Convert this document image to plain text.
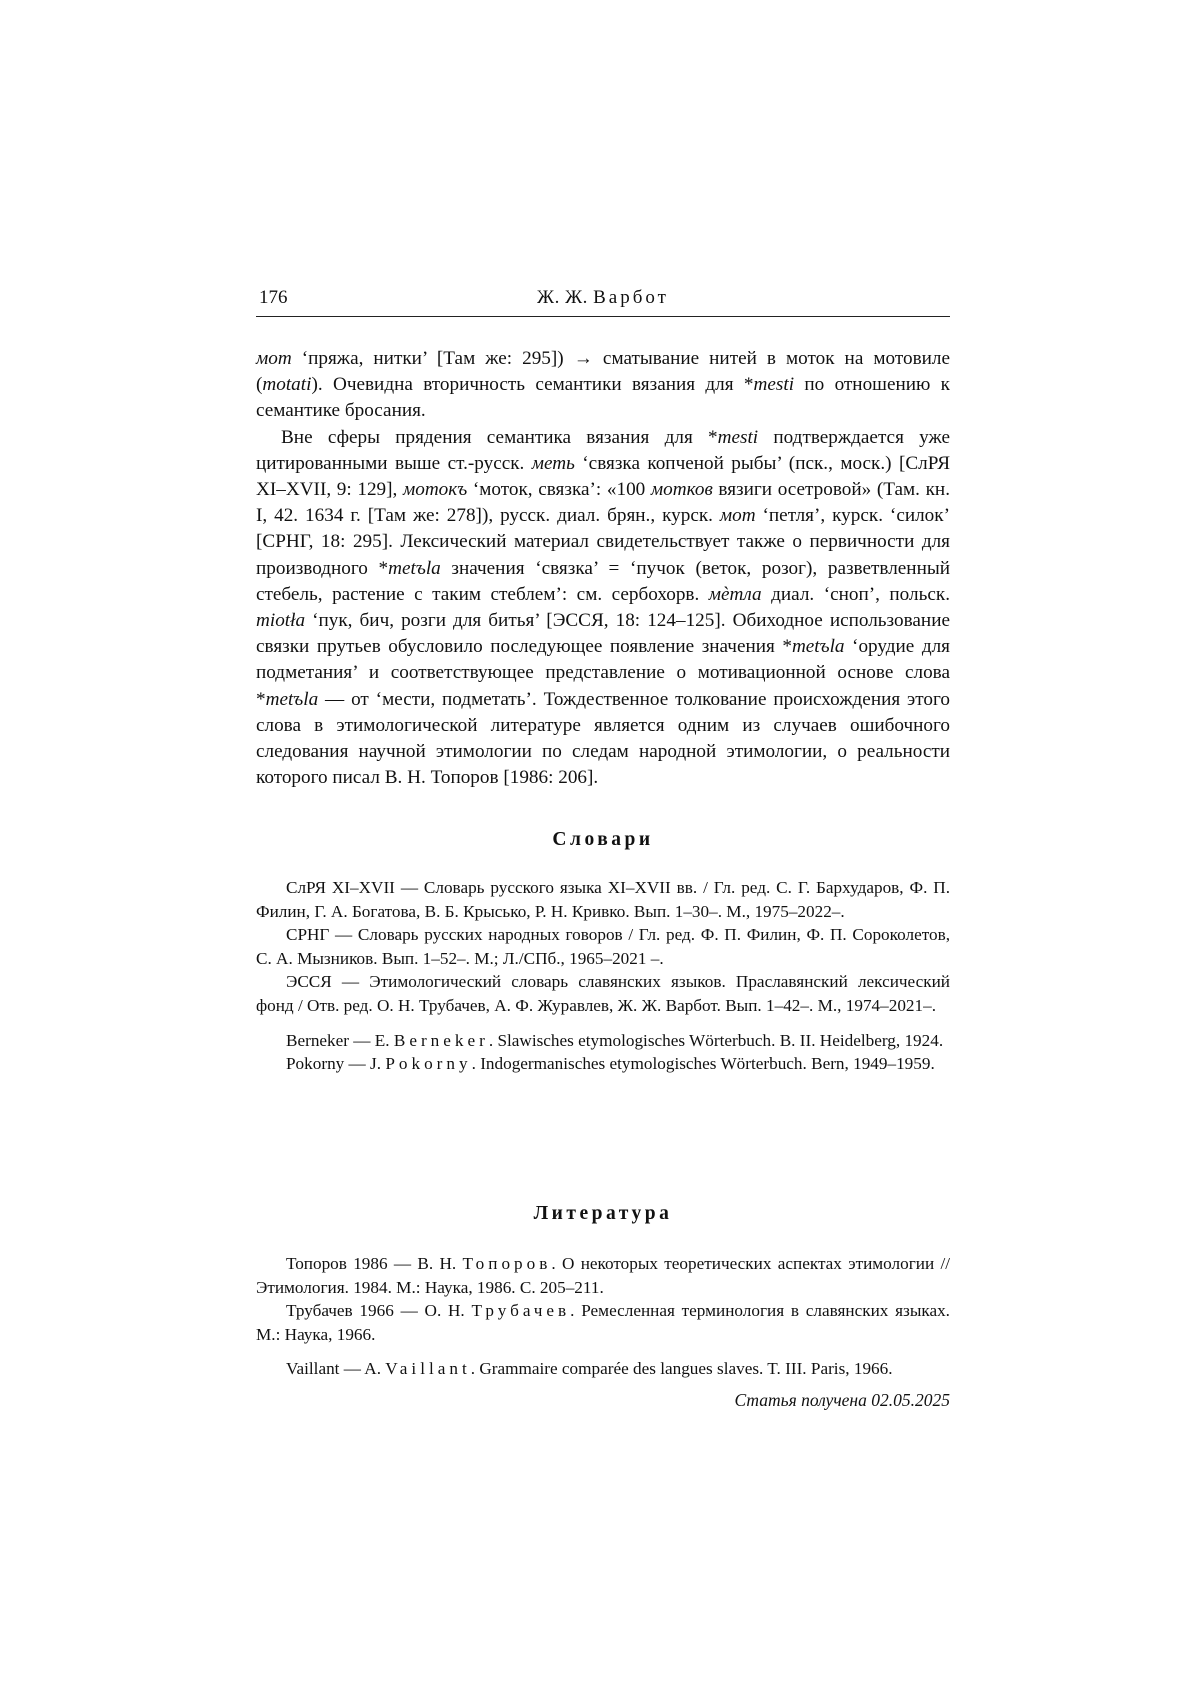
176	Ж. Ж. Варбот

мот ‘пряжа, нитки’ [Там же: 295]) → сматывание нитей в моток на мотовиле (motati). Очевидна вторичность семантики вязания для *mesti по отношению к семантике бросания.

Вне сферы прядения семантика вязания для *mesti подтверждается уже цитированными выше ст.-русск. меть ‘связка копченой рыбы’ (пск., моск.) [СлРЯ XI–XVII, 9: 129], мотокъ ‘моток, связка’: «100 мотков вязиги осетровой» (Там. кн. I, 42. 1634 г. [Там же: 278]), русск. диал. брян., курск. мот ‘петля’, курск. ‘силок’ [СРНГ, 18: 295]. Лексический материал свидетельствует также о первичности для производного *metъla значения ‘связка’ = ‘пучок (веток, розог), разветвленный стебель, растение с таким стеблем’: см. сербохорв. мѐтла диал. ‘сноп’, польск. miotła ‘пук, бич, розги для битья’ [ЭССЯ, 18: 124–125]. Обиходное использование связки прутьев обусловило последующее появление значения *metъla ‘орудие для подметания’ и соответствующее представление о мотивационной основе слова *metъla — от ‘мести, подметать’. Тождественное толкование происхождения этого слова в этимологической литературе является одним из случаев ошибочного следования научной этимологии по следам народной этимологии, о реальности которого писал В. Н. Топоров [1986: 206].

Словари

СлРЯ XI–XVII — Словарь русского языка XI–XVII вв. / Гл. ред. С. Г. Бархударов, Ф. П. Филин, Г. А. Богатова, В. Б. Крысько, Р. Н. Кривко. Вып. 1–30–. М., 1975–2022–.

СРНГ — Словарь русских народных говоров / Гл. ред. Ф. П. Филин, Ф. П. Сороколетов, С. А. Мызников. Вып. 1–52–. М.; Л./СПб., 1965–2021 –.

ЭССЯ — Этимологический словарь славянских языков. Праславянский лексический фонд / Отв. ред. О. Н. Трубачев, А. Ф. Журавлев, Ж. Ж. Варбот. Вып. 1–42–. М., 1974–2021–.

Berneker — E. Berneker. Slawisches etymologisches Wörterbuch. B. II. Heidelberg, 1924.

Pokorny — J. Pokorny. Indogermanisches etymologisches Wörterbuch. Bern, 1949–1959.

Литература

Топоров 1986 — В. Н. Топоров. О некоторых теоретических аспектах этимологии // Этимология. 1984. М.: Наука, 1986. С. 205–211.

Трубачев 1966 — О. Н. Трубачев. Ремесленная терминология в славянских языках. М.: Наука, 1966.

Vaillant — A. Vaillant. Grammaire comparée des langues slaves. T. III. Paris, 1966.

Статья получена 02.05.2025
